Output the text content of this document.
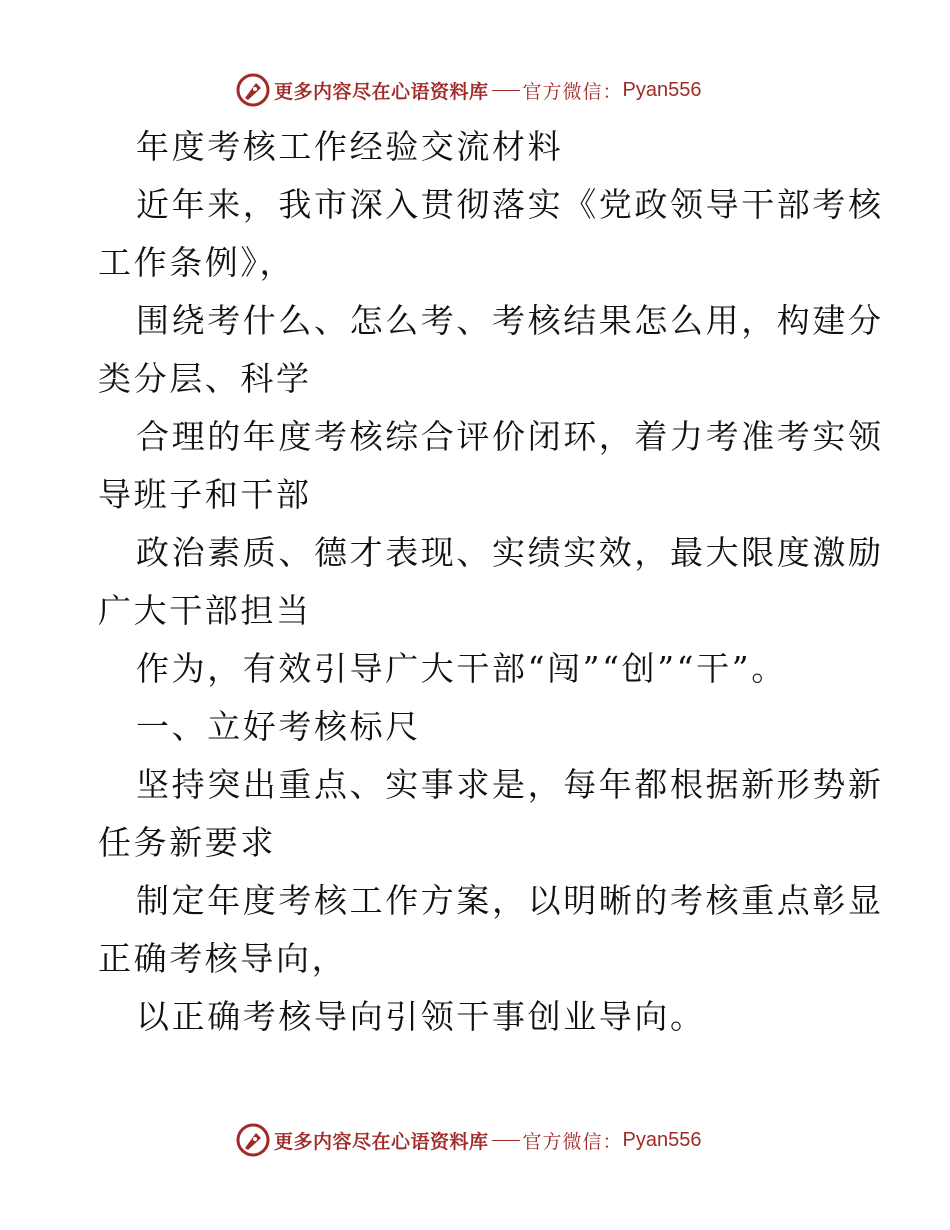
更多内容尽在心语资料库 官方微信： Pyan556
年度考核工作经验交流材料
近年来，我市深入贯彻落实《党政领导干部考核
工作条例》，
围绕考什么、怎么考、考核结果怎么用，构建分
类分层、科学
合理的年度考核综合评价闭环，着力考准考实领
导班子和干部
政治素质、德才表现、实绩实效，最大限度激励
广大干部担当
作为，有效引导广大干部“闯”“创”“干”。
一、立好考核标尺
坚持突出重点、实事求是，每年都根据新形势新
任务新要求
制定年度考核工作方案，以明晰的考核重点彰显
正确考核导向，
以正确考核导向引领干事创业导向。
更多内容尽在心语资料库 官方微信： Pyan556
